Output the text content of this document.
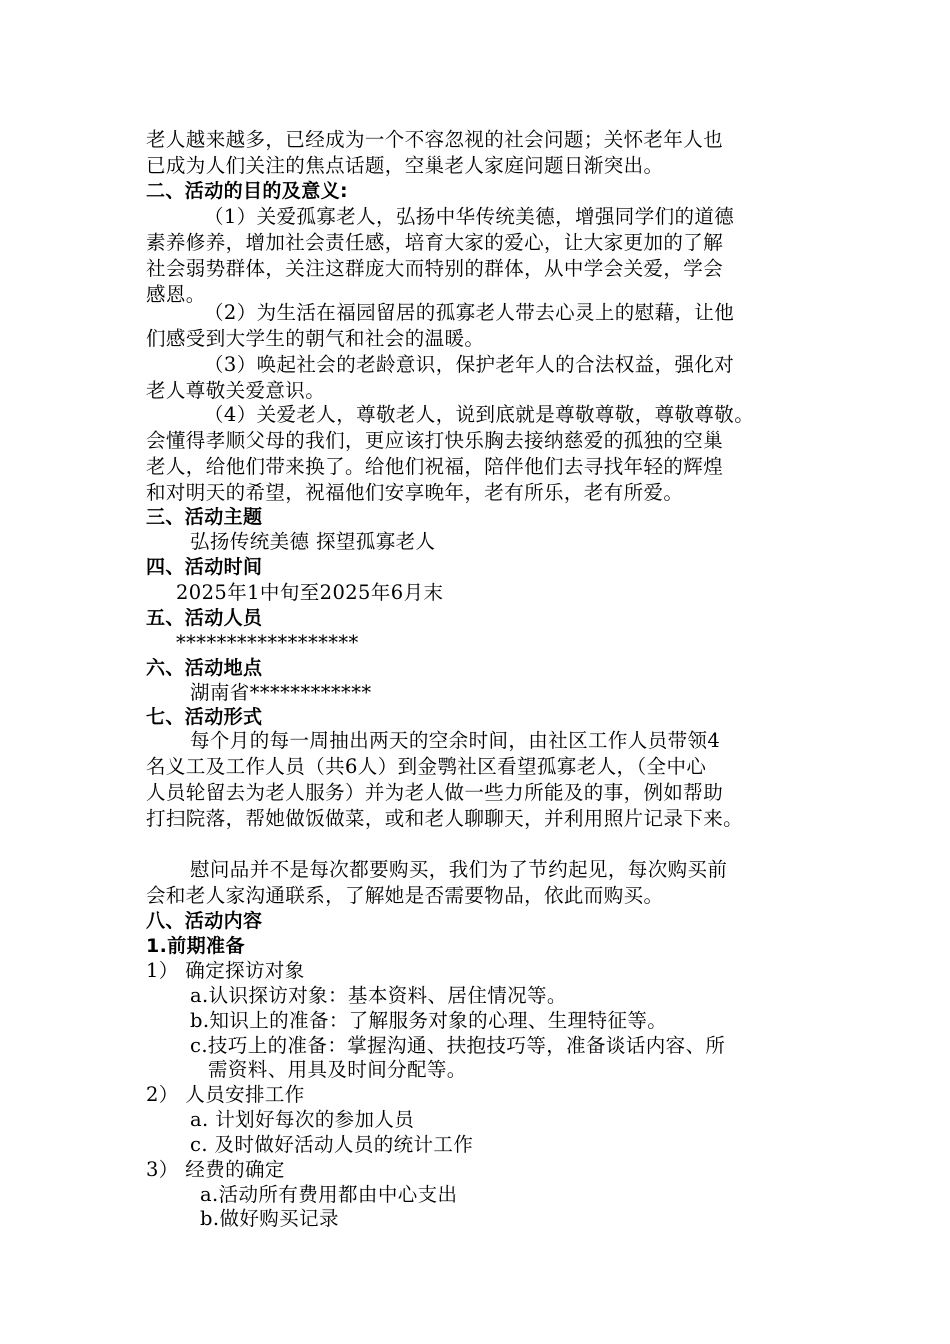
老人越来越多，已经成为一个不容忽视的社会问题；关怀老年人也
已成为人们关注的焦点话题，空巢老人家庭问题日渐突出。
二、活动的目的及意义:
（1）关爱孤寡老人，弘扬中华传统美德，增强同学们的道德
素养修养，增加社会责任感，培育大家的爱心，让大家更加的了解
社会弱势群体，关注这群庞大而特别的群体，从中学会关爱，学会
感恩。
（2）为生活在福园留居的孤寡老人带去心灵上的慰藉，让他
们感受到大学生的朝气和社会的温暖。
（3）唤起社会的老龄意识，保护老年人的合法权益，强化对
老人尊敬关爱意识。
（4）关爱老人，尊敬老人，说到底就是尊敬尊敬，尊敬尊敬。
会懂得孝顺父母的我们，更应该打快乐胸去接纳慈爱的孤独的空巢
老人，给他们带来换了。给他们祝福，陪伴他们去寻找年轻的辉煌
和对明天的希望，祝福他们安享晚年，老有所乐，老有所爱。
三、活动主题
弘扬传统美德 探望孤寡老人
四、活动时间
2025年1中旬至2025年6月末
五、活动人员
******************
六、活动地点
湖南省************
七、活动形式
每个月的每一周抽出两天的空余时间，由社区工作人员带领4
名义工及工作人员（共6人）到金鹗社区看望孤寡老人，（全中心
人员轮留去为老人服务）并为老人做一些力所能及的事，例如帮助
打扫院落，帮她做饭做菜，或和老人聊聊天，并利用照片记录下来。
慰问品并不是每次都要购买，我们为了节约起见，每次购买前
会和老人家沟通联系，了解她是否需要物品，依此而购买。
八、活动内容
1.前期准备
1） 确定探访对象
a.认识探访对象：基本资料、居住情况等。
b.知识上的准备：了解服务对象的心理、生理特征等。
c.技巧上的准备：掌握沟通、扶抱技巧等，准备谈话内容、所
需资料、用具及时间分配等。
2） 人员安排工作
a. 计划好每次的参加人员
c. 及时做好活动人员的统计工作
3） 经费的确定
a.活动所有费用都由中心支出
b.做好购买记录
